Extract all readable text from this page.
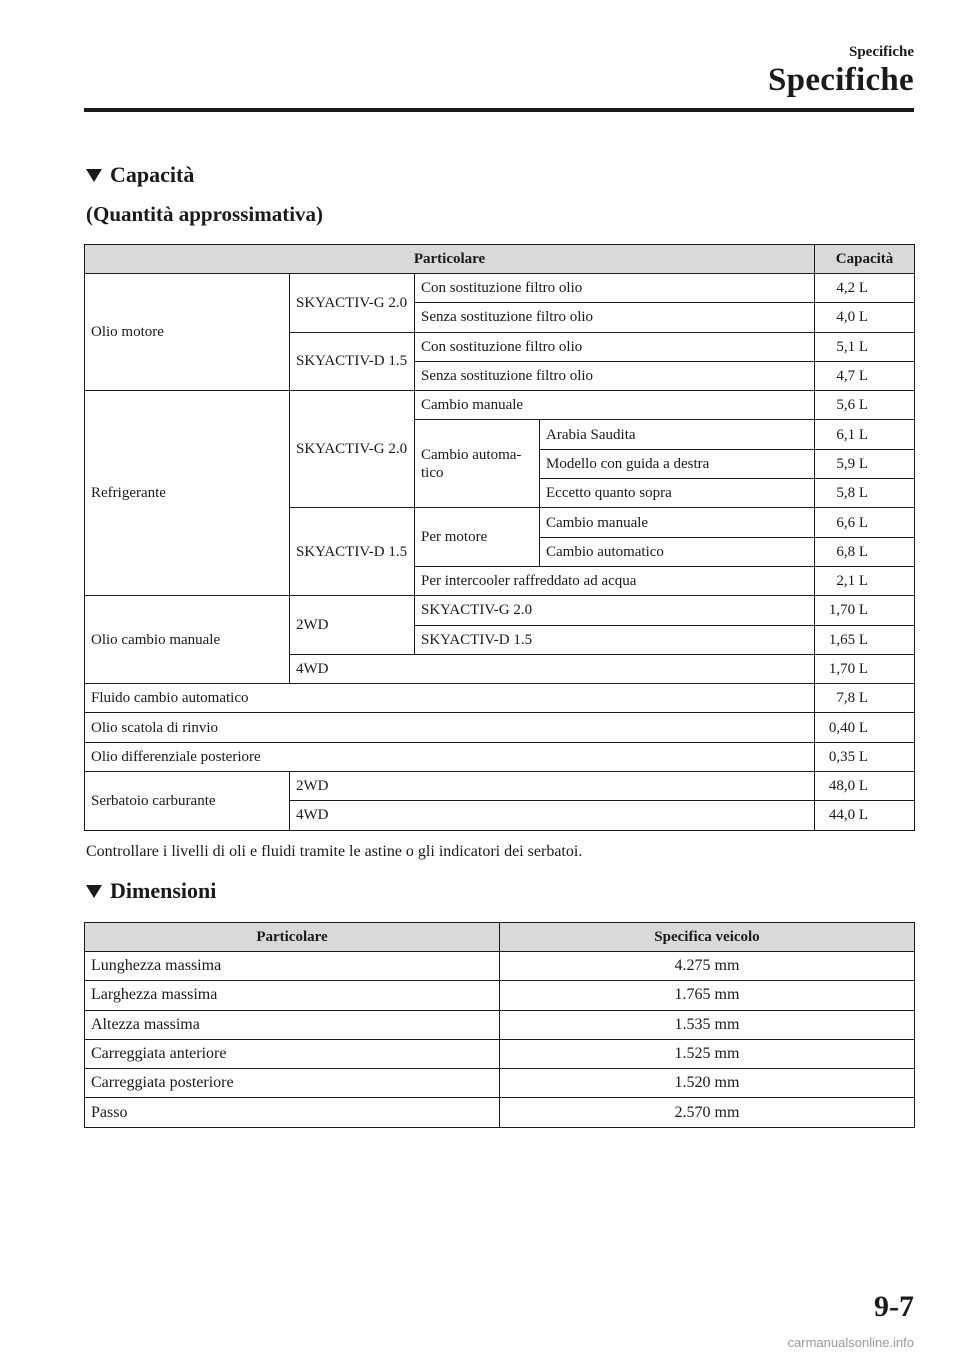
Specifiche
Specifiche
Capacità
(Quantità approssimativa)
Particolare				Capacità
Olio motore	SKYACTIV-G 2.0	Con sostituzione filtro olio		4,2 L
		Senza sostituzione filtro olio		4,0 L
	SKYACTIV-D 1.5	Con sostituzione filtro olio		5,1 L
		Senza sostituzione filtro olio		4,7 L
Refrigerante	SKYACTIV-G 2.0	Cambio manuale		5,6 L
		Cambio automa-tico	Arabia Saudita	6,1 L
			Modello con guida a destra	5,9 L
			Eccetto quanto sopra	5,8 L
	SKYACTIV-D 1.5	Per motore	Cambio manuale	6,6 L
			Cambio automatico	6,8 L
		Per intercooler raffreddato ad acqua		2,1 L
Olio cambio manuale	2WD	SKYACTIV-G 2.0		1,70 L
		SKYACTIV-D 1.5		1,65 L
	4WD			1,70 L
Fluido cambio automatico				7,8 L
Olio scatola di rinvio				0,40 L
Olio differenziale posteriore				0,35 L
Serbatoio carburante	2WD			48,0 L
	4WD			44,0 L
Controllare i livelli di oli e fluidi tramite le astine o gli indicatori dei serbatoi.
Dimensioni
Particolare	Specifica veicolo
Lunghezza massima	4.275 mm
Larghezza massima	1.765 mm
Altezza massima	1.535 mm
Carreggiata anteriore	1.525 mm
Carreggiata posteriore	1.520 mm
Passo	2.570 mm
9-7
carmanualsonline.info
